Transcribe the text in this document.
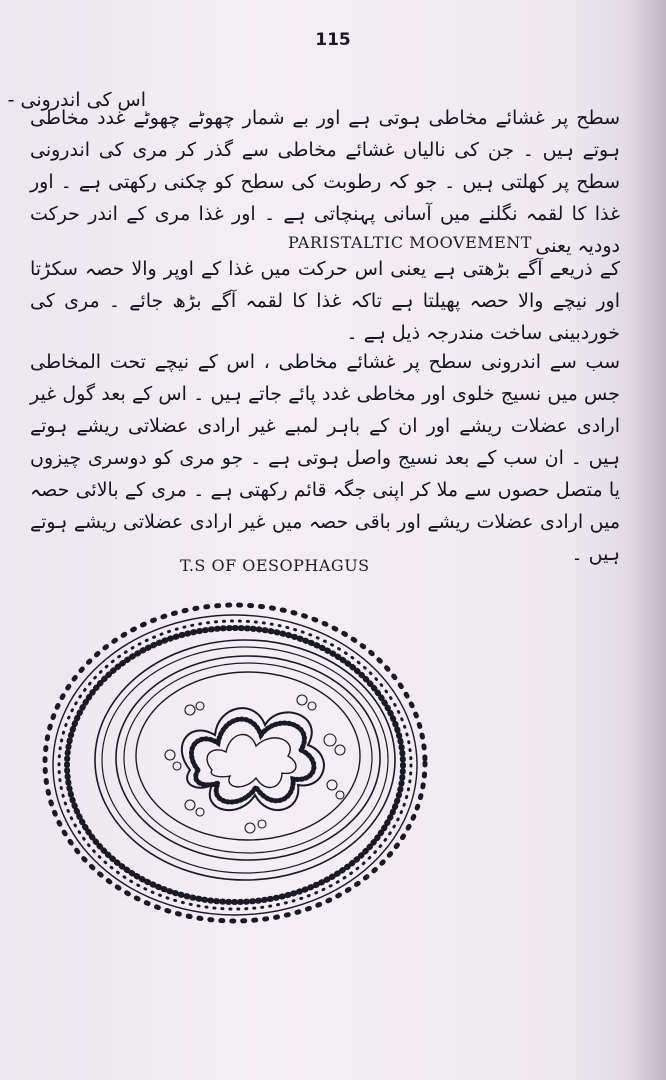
115
اس کی اندرونی -
سطح پر غشائے مخاطی ہوتی ہے اور بے شمار چھوٹے چھوٹے غدد مخاطی ہوتے ہیں ۔ جن کی نالیاں غشائے مخاطی سے گذر کر مری کی اندرونی سطح پر کھلتی ہیں ۔ جو کہ رطوبت کی سطح کو چکنی رکھتی ہے ۔ اور غذا کا لقمہ نگلنے میں آسانی پہنچاتی ہے ۔ اور غذا مری کے اندر حرکت دودیہ یعنی
PARISTALTIC MOOVEMENT
کے ذریعے آگے بڑھتی ہے یعنی اس حرکت میں غذا کے اوپر والا حصہ سکڑتا اور نیچے والا حصہ پھیلتا ہے تاکہ غذا کا لقمہ آگے بڑھ جائے ۔ مری کی خوردبینی ساخت مندرجہ ذیل ہے ۔
سب سے اندرونی سطح پر غشائے مخاطی ، اس کے نیچے تحت المخاطی جس میں نسیج خلوی اور مخاطی غدد پائے جاتے ہیں ۔ اس کے بعد گول غیر ارادی عضلات ریشے اور ان کے باہر لمبے غیر ارادی عضلاتی ریشے ہوتے ہیں ۔ ان سب کے بعد نسیج واصل ہوتی ہے ۔ جو مری کو دوسری چیزوں یا متصل حصوں سے ملا کر اپنی جگہ قائم رکھتی ہے ۔ مری کے بالائی حصہ میں ارادی عضلات ریشے اور باقی حصہ میں غیر ارادی عضلاتی ریشے ہوتے ہیں ۔
T.S OF OESOPHAGUS
